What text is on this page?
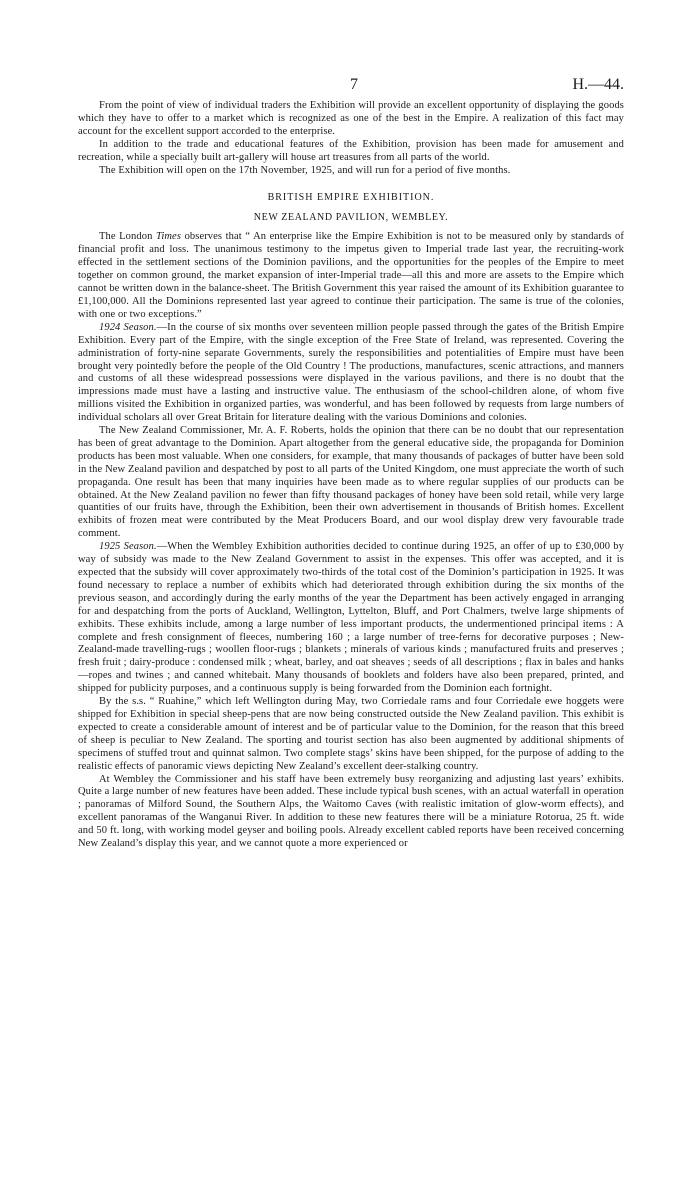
7	H.—44.

From the point of view of individual traders the Exhibition will provide an excellent opportunity of displaying the goods which they have to offer to a market which is recognized as one of the best in the Empire. A realization of this fact may account for the excellent support accorded to the enterprise.

In addition to the trade and educational features of the Exhibition, provision has been made for amusement and recreation, while a specially built art-gallery will house art treasures from all parts of the world.

The Exhibition will open on the 17th November, 1925, and will run for a period of five months.

BRITISH EMPIRE EXHIBITION.
NEW ZEALAND PAVILION, WEMBLEY.

The London Times observes that “ An enterprise like the Empire Exhibition is not to be measured only by standards of financial profit and loss. The unanimous testimony to the impetus given to Imperial trade last year, the recruiting-work effected in the settlement sections of the Dominion pavilions, and the opportunities for the peoples of the Empire to meet together on common ground, the market expansion of inter-Imperial trade—all this and more are assets to the Empire which cannot be written down in the balance-sheet. The British Government this year raised the amount of its Exhibition guarantee to £1,100,000. All the Dominions represented last year agreed to continue their participation. The same is true of the colonies, with one or two exceptions.”

1924 Season.—In the course of six months over seventeen million people passed through the gates of the British Empire Exhibition. Every part of the Empire, with the single exception of the Free State of Ireland, was represented. Covering the administration of forty-nine separate Governments, surely the responsibilities and potentialities of Empire must have been brought very pointedly before the people of the Old Country ! The productions, manufactures, scenic attractions, and manners and customs of all these widespread possessions were displayed in the various pavilions, and there is no doubt that the impressions made must have a lasting and instructive value. The enthusiasm of the school-children alone, of whom five millions visited the Exhibition in organized parties, was wonderful, and has been followed by requests from large numbers of individual scholars all over Great Britain for literature dealing with the various Dominions and colonies.

The New Zealand Commissioner, Mr. A. F. Roberts, holds the opinion that there can be no doubt that our representation has been of great advantage to the Dominion. Apart altogether from the general educative side, the propaganda for Dominion products has been most valuable. When one considers, for example, that many thousands of packages of butter have been sold in the New Zealand pavilion and despatched by post to all parts of the United Kingdom, one must appreciate the worth of such propaganda. One result has been that many inquiries have been made as to where regular supplies of our products can be obtained. At the New Zealand pavilion no fewer than fifty thousand packages of honey have been sold retail, while very large quantities of our fruits have, through the Exhibition, been their own advertisement in thousands of British homes. Excellent exhibits of frozen meat were contributed by the Meat Producers Board, and our wool display drew very favourable trade comment.

1925 Season.—When the Wembley Exhibition authorities decided to continue during 1925, an offer of up to £30,000 by way of subsidy was made to the New Zealand Government to assist in the expenses. This offer was accepted, and it is expected that the subsidy will cover approximately two-thirds of the total cost of the Dominion’s participation in 1925. It was found necessary to replace a number of exhibits which had deteriorated through exhibition during the six months of the previous season, and accordingly during the early months of the year the Department has been actively engaged in arranging for and despatching from the ports of Auckland, Wellington, Lyttelton, Bluff, and Port Chalmers, twelve large shipments of exhibits. These exhibits include, among a large number of less important products, the undermentioned principal items : A complete and fresh consignment of fleeces, numbering 160 ; a large number of tree-ferns for decorative purposes ; New-Zealand-made travelling-rugs ; woollen floor-rugs ; blankets ; minerals of various kinds ; manufactured fruits and preserves ; fresh fruit ; dairy-produce : condensed milk ; wheat, barley, and oat sheaves ; seeds of all descriptions ; flax in bales and hanks—ropes and twines ; and canned whitebait. Many thousands of booklets and folders have also been prepared, printed, and shipped for publicity purposes, and a continuous supply is being forwarded from the Dominion each fortnight.

By the s.s. “ Ruahine,” which left Wellington during May, two Corriedale rams and four Corriedale ewe hoggets were shipped for Exhibition in special sheep-pens that are now being constructed outside the New Zealand pavilion. This exhibit is expected to create a considerable amount of interest and be of particular value to the Dominion, for the reason that this breed of sheep is peculiar to New Zealand. The sporting and tourist section has also been augmented by additional shipments of specimens of stuffed trout and quinnat salmon. Two complete stags’ skins have been shipped, for the purpose of adding to the realistic effects of panoramic views depicting New Zealand’s excellent deer-stalking country.

At Wembley the Commissioner and his staff have been extremely busy reorganizing and adjusting last years’ exhibits. Quite a large number of new features have been added. These include typical bush scenes, with an actual waterfall in operation ; panoramas of Milford Sound, the Southern Alps, the Waitomo Caves (with realistic imitation of glow-worm effects), and excellent panoramas of the Wanganui River. In addition to these new features there will be a miniature Rotorua, 25 ft. wide and 50 ft. long, with working model geyser and boiling pools. Already excellent cabled reports have been received concerning New Zealand’s display this year, and we cannot quote a more experienced or
